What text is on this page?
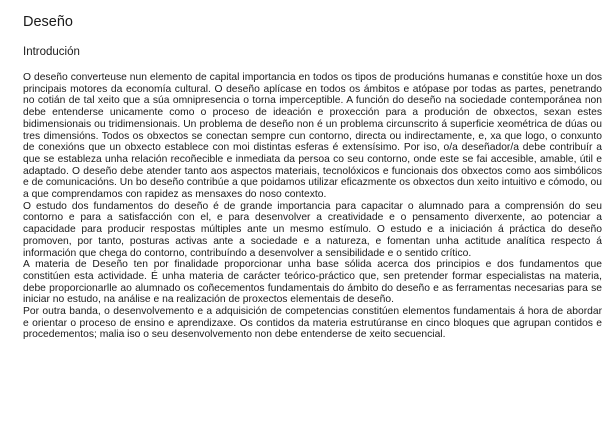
Deseño
Introdución

O deseño converteuse nun elemento de capital importancia en todos os tipos de producións humanas e constitúe hoxe un dos principais motores da economía cultural. O deseño aplícase en todos os ámbitos e atópase por todas as partes, penetrando no cotián de tal xeito que a súa omnipresencia o torna imperceptible. A función do deseño na sociedade contemporánea non debe entenderse unicamente como o proceso de ideación e proxección para a produción de obxectos, sexan estes bidimensionais ou tridimensionais. Un problema de deseño non é un problema circunscrito á superficie xeométrica de dúas ou tres dimensións. Todos os obxectos se conectan sempre cun contorno, directa ou indirectamente, e, xa que logo, o conxunto de conexións que un obxecto establece con moi distintas esferas é extensísimo. Por iso, o/a deseñador/a debe contribuír a que se estableza unha relación recoñecible e inmediata da persoa co seu contorno, onde este se fai accesible, amable, útil e adaptado. O deseño debe atender tanto aos aspectos materiais, tecnolóxicos e funcionais dos obxectos como aos simbólicos e de comunicacións. Un bo deseño contribúe a que poidamos utilizar eficazmente os obxectos dun xeito intuitivo e cómodo, ou a que comprendamos con rapidez as mensaxes do noso contexto.

O estudo dos fundamentos do deseño é de grande importancia para capacitar o alumnado para a comprensión do seu contorno e para a satisfacción con el, e para desenvolver a creatividade e o pensamento diverxente, ao potenciar a capacidade para producir respostas múltiples ante un mesmo estímulo. O estudo e a iniciación á práctica do deseño promoven, por tanto, posturas activas ante a sociedade e a natureza, e fomentan unha actitude analítica respecto á información que chega do contorno, contribuíndo a desenvolver a sensibilidade e o sentido crítico.

A materia de Deseño ten por finalidade proporcionar unha base sólida acerca dos principios e dos fundamentos que constitúen esta actividade. É unha materia de carácter teórico-práctico que, sen pretender formar especialistas na materia, debe proporcionarlle ao alumnado os coñecementos fundamentais do ámbito do deseño e as ferramentas necesarias para se iniciar no estudo, na análise e na realización de proxectos elementais de deseño.

Por outra banda, o desenvolvemento e a adquisición de competencias constitúen elementos fundamentais á hora de abordar e orientar o proceso de ensino e aprendizaxe. Os contidos da materia estrutúranse en cinco bloques que agrupan contidos e procedementos; malia iso o seu desenvolvemento non debe entenderse de xeito secuencial.
